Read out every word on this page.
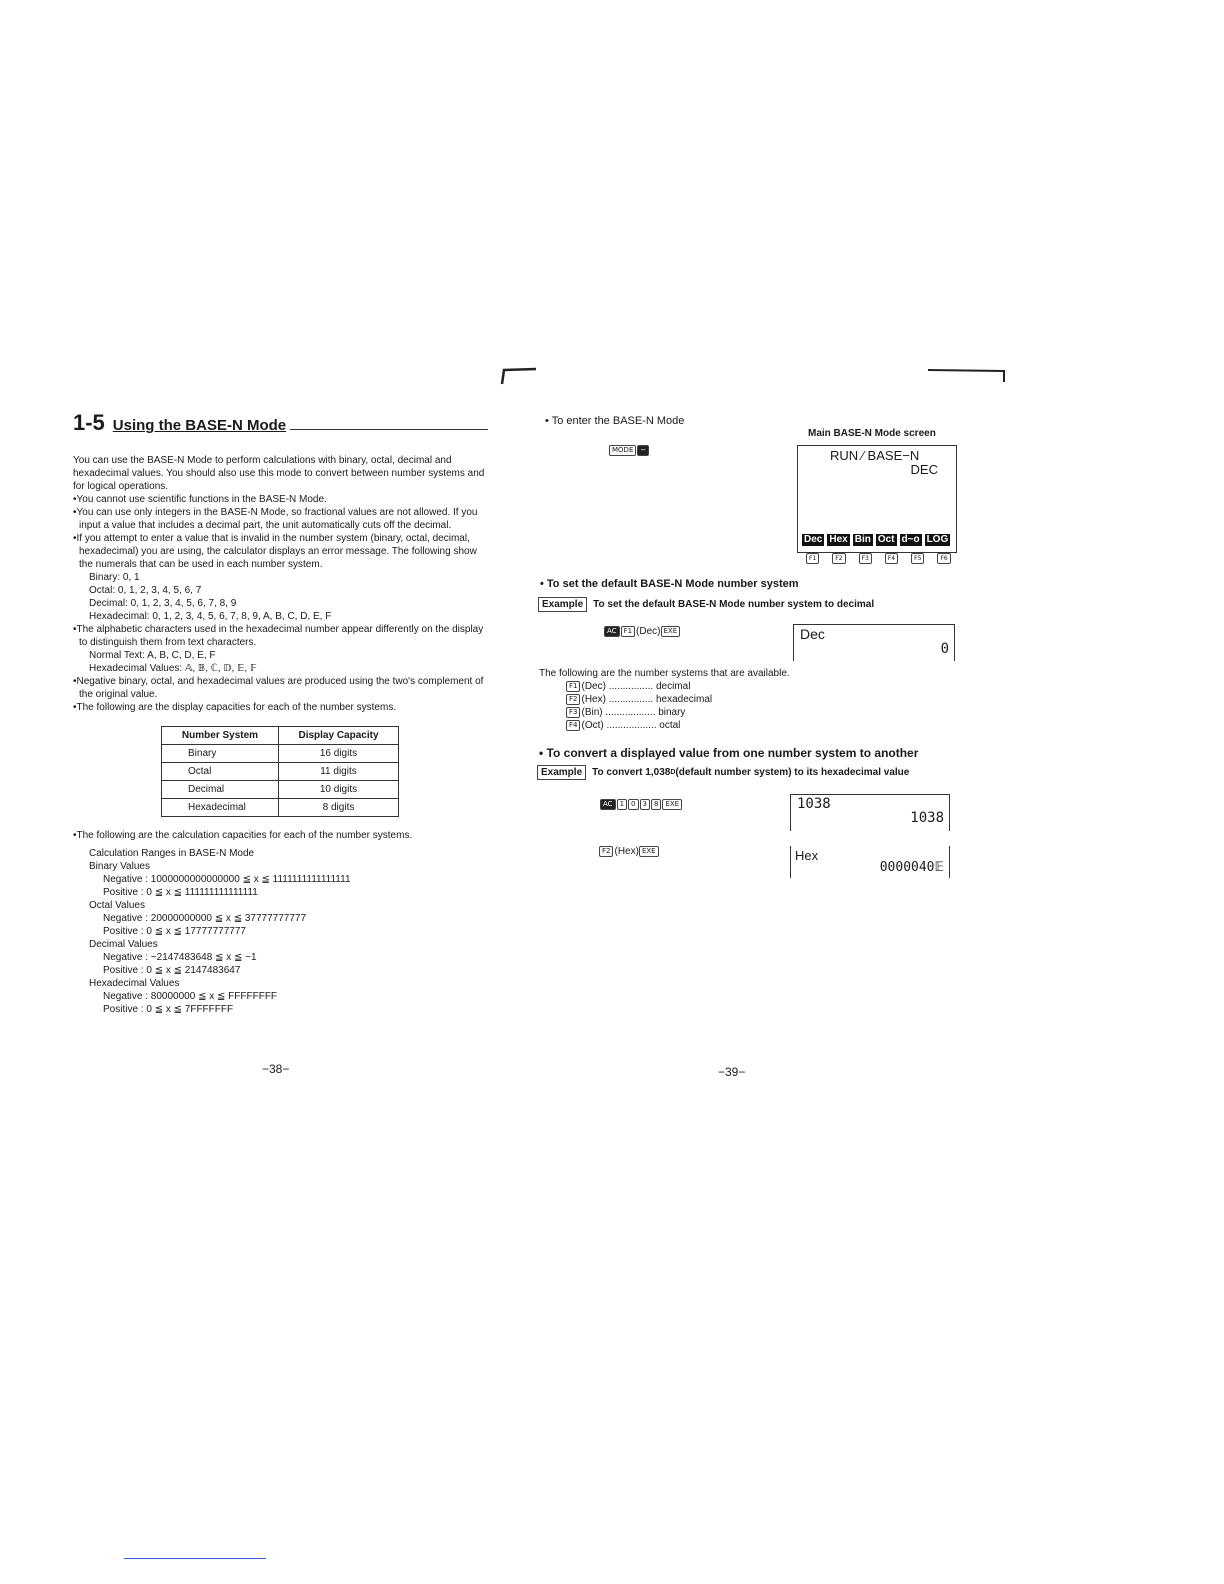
1-5 Using the BASE-N Mode

You can use the BASE-N Mode to perform calculations with binary, octal, decimal and hexadecimal values. You should also use this mode to convert between number systems and for logical operations.

•You cannot use scientific functions in the BASE-N Mode.

•You can use only integers in the BASE-N Mode, so fractional values are not allowed. If you input a value that includes a decimal part, the unit automatically cuts off the decimal.

•If you attempt to enter a value that is invalid in the number system (binary, octal, decimal, hexadecimal) you are using, the calculator displays an error message. The following show the numerals that can be used in each number system.

Binary: 0, 1

Octal: 0, 1, 2, 3, 4, 5, 6, 7

Decimal: 0, 1, 2, 3, 4, 5, 6, 7, 8, 9

Hexadecimal: 0, 1, 2, 3, 4, 5, 6, 7, 8, 9, A, B, C, D, E, F

•The alphabetic characters used in the hexadecimal number appear differently on the display to distinguish them from text characters.

Normal Text: A, B, C, D, E, F

Hexadecimal Values: 𝔸, 𝔹, ℂ, 𝔻, 𝔼, 𝔽

•Negative binary, octal, and hexadecimal values are produced using the two's complement of the original value.

•The following are the display capacities for each of the number systems.

Number System	Display Capacity
Binary	16 digits
Octal	11 digits
Decimal	10 digits
Hexadecimal	8 digits

•The following are the calculation capacities for each of the number systems.

Calculation Ranges in BASE-N Mode

Binary Values

Negative : 1000000000000000 ≦ x ≦ 1111111111111111

Positive : 0 ≦ x ≦ 111111111111111

Octal Values

Negative : 20000000000 ≦ x ≦ 37777777777

Positive : 0 ≦ x ≦ 17777777777

Decimal Values

Negative : −2147483648 ≦ x ≦ −1

Positive : 0 ≦ x ≦ 2147483647

Hexadecimal Values

Negative : 80000000 ≦ x ≦ FFFFFFFF

Positive : 0 ≦ x ≦ 7FFFFFFF

−38−
• To enter the BASE-N Mode
MODE −
Main BASE-N Mode screen
RUN ∕ BASE−N
DEC
Dec Hex Bin Oct d~o LOG
F1	F2	F3	F4	F5	F6
• To set the default BASE-N Mode number system
Example	To set the default BASE-N Mode number system to decimal
AC F1 (Dec) EXE	Dec
0
The following are the number systems that are available.
F1 (Dec) ................ decimal
F2 (Hex) ................ hexadecimal
F3 (Bin) .................. binary
F4 (Oct) .................. octal
• To convert a displayed value from one number system to another
Example	To convert 1,038 D (default number system) to its hexadecimal value
AC 1 0 3 8 EXE	1038
1038
F2 (Hex) EXE	Hex
0000040𝔼
−39−
